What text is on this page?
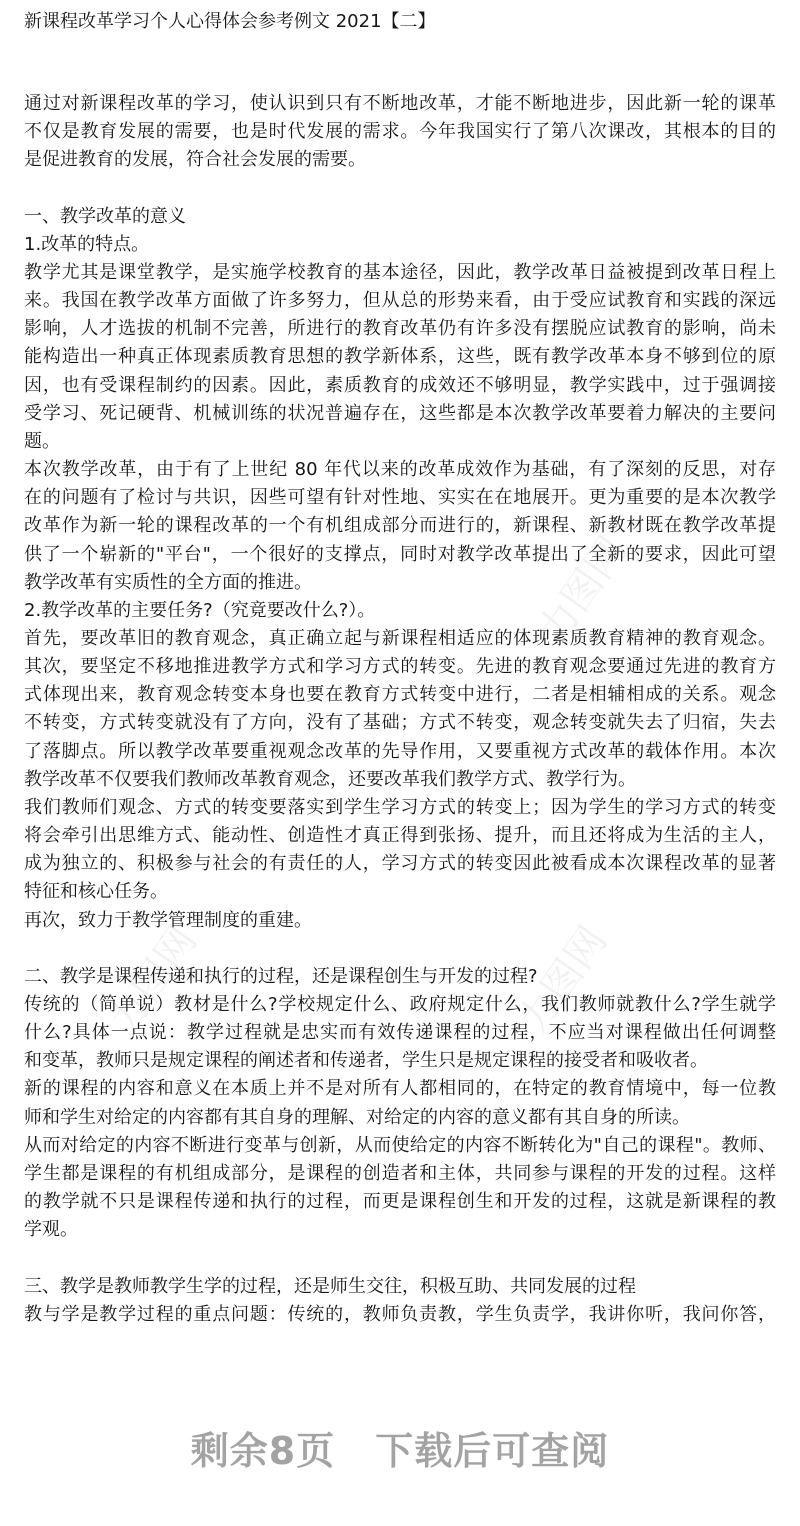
新课程改革学习个人心得体会参考例文 2021【二】
通过对新课程改革的学习，使认识到只有不断地改革，才能不断地进步，因此新一轮的课革
不仅是教育发展的需要，也是时代发展的需求。今年我国实行了第八次课改，其根本的目的
是促进教育的发展，符合社会发展的需要。
一、教学改革的意义
1.改革的特点。
教学尤其是课堂教学，是实施学校教育的基本途径，因此，教学改革日益被提到改革日程上
来。我国在教学改革方面做了许多努力，但从总的形势来看，由于受应试教育和实践的深远
影响，人才选拔的机制不完善，所进行的教育改革仍有许多没有摆脱应试教育的影响，尚未
能构造出一种真正体现素质教育思想的教学新体系，这些，既有教学改革本身不够到位的原
因，也有受课程制约的因素。因此，素质教育的成效还不够明显，教学实践中，过于强调接
受学习、死记硬背、机械训练的状况普遍存在，这些都是本次教学改革要着力解决的主要问
题。
本次教学改革，由于有了上世纪 80 年代以来的改革成效作为基础，有了深刻的反思，对存
在的问题有了检讨与共识，因些可望有针对性地、实实在在地展开。更为重要的是本次教学
改革作为新一轮的课程改革的一个有机组成部分而进行的，新课程、新教材既在教学改革提
供了一个崭新的"平台"，一个很好的支撑点，同时对教学改革提出了全新的要求，因此可望
教学改革有实质性的全方面的推进。
2.教学改革的主要任务?（究竟要改什么?）。
首先，要改革旧的教育观念，真正确立起与新课程相适应的体现素质教育精神的教育观念。
其次，要坚定不移地推进教学方式和学习方式的转变。先进的教育观念要通过先进的教育方
式体现出来，教育观念转变本身也要在教育方式转变中进行，二者是相辅相成的关系。观念
不转变，方式转变就没有了方向，没有了基础；方式不转变，观念转变就失去了归宿，失去
了落脚点。所以教学改革要重视观念改革的先导作用，又要重视方式改革的载体作用。本次
教学改革不仅要我们教师改革教育观念，还要改革我们教学方式、教学行为。
我们教师们观念、方式的转变要落实到学生学习方式的转变上；因为学生的学习方式的转变
将会牵引出思维方式、能动性、创造性才真正得到张扬、提升，而且还将成为生活的主人，
成为独立的、积极参与社会的有责任的人，学习方式的转变因此被看成本次课程改革的显著
特征和核心任务。
再次，致力于教学管理制度的重建。
二、教学是课程传递和执行的过程，还是课程创生与开发的过程?
传统的（简单说）教材是什么?学校规定什么、政府规定什么，我们教师就教什么?学生就学
什么?具体一点说：教学过程就是忠实而有效传递课程的过程，不应当对课程做出任何调整
和变革，教师只是规定课程的阐述者和传递者，学生只是规定课程的接受者和吸收者。
新的课程的内容和意义在本质上并不是对所有人都相同的，在特定的教育情境中，每一位教
师和学生对给定的内容都有其自身的理解、对给定的内容的意义都有其自身的所读。
从而对给定的内容不断进行变革与创新，从而使给定的内容不断转化为"自己的课程"。教师、
学生都是课程的有机组成部分，是课程的创造者和主体，共同参与课程的开发的过程。这样
的教学就不只是课程传递和执行的过程，而更是课程创生和开发的过程，这就是新课程的教
学观。
三、教学是教师教学生学的过程，还是师生交往，积极互助、共同发展的过程
教与学是教学过程的重点问题：传统的，教师负责教，学生负责学，我讲你听，我问你答，
力图网
力图网	力图网
剩余8页 下载后可查阅
